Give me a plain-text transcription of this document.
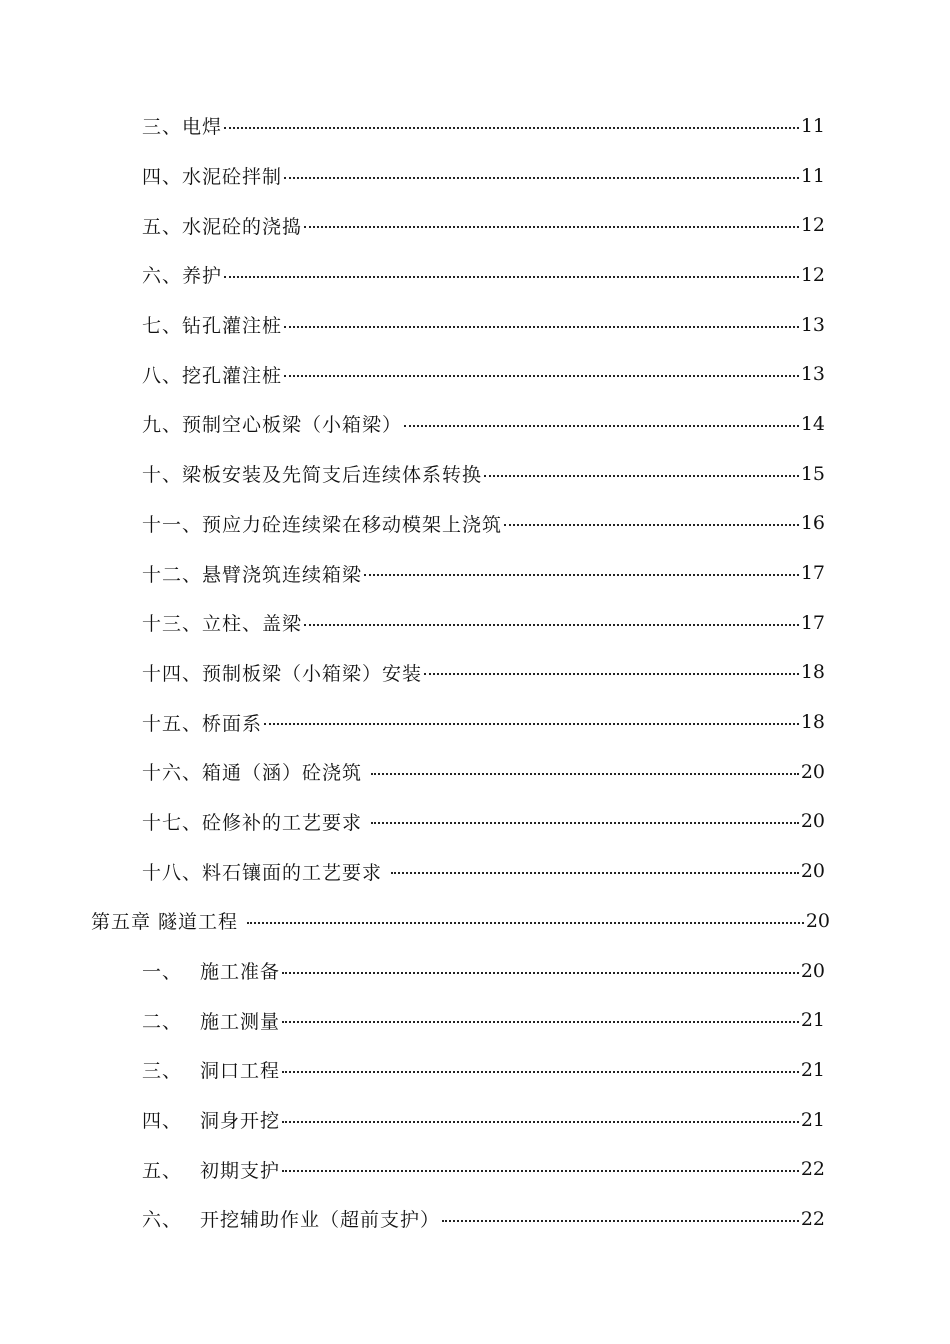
三、 电焊	11
四、 水泥砼拌制	11
五、 水泥砼的浇捣	12
六、 养护	12
七、 钻孔灌注桩	13
八、 挖孔灌注桩	13
九、 预制空心板梁（小箱梁）	14
十、 梁板安装及先简支后连续体系转换	15
十一、 预应力砼连续梁在移动模架上浇筑	16
十二、 悬臂浇筑连续箱梁	17
十三、 立柱、盖梁	17
十四、 预制板梁（小箱梁）安装	18
十五、 桥面系	18
十六、 箱通（涵）砼浇筑	20
十七、 砼修补的工艺要求	20
十八、 料石镶面的工艺要求	20
第五章 隧道工程	20
一、 施工准备	20
二、 施工测量	21
三、 洞口工程	21
四、 洞身开挖	21
五、 初期支护	22
六、 开挖辅助作业（超前支护）	22
